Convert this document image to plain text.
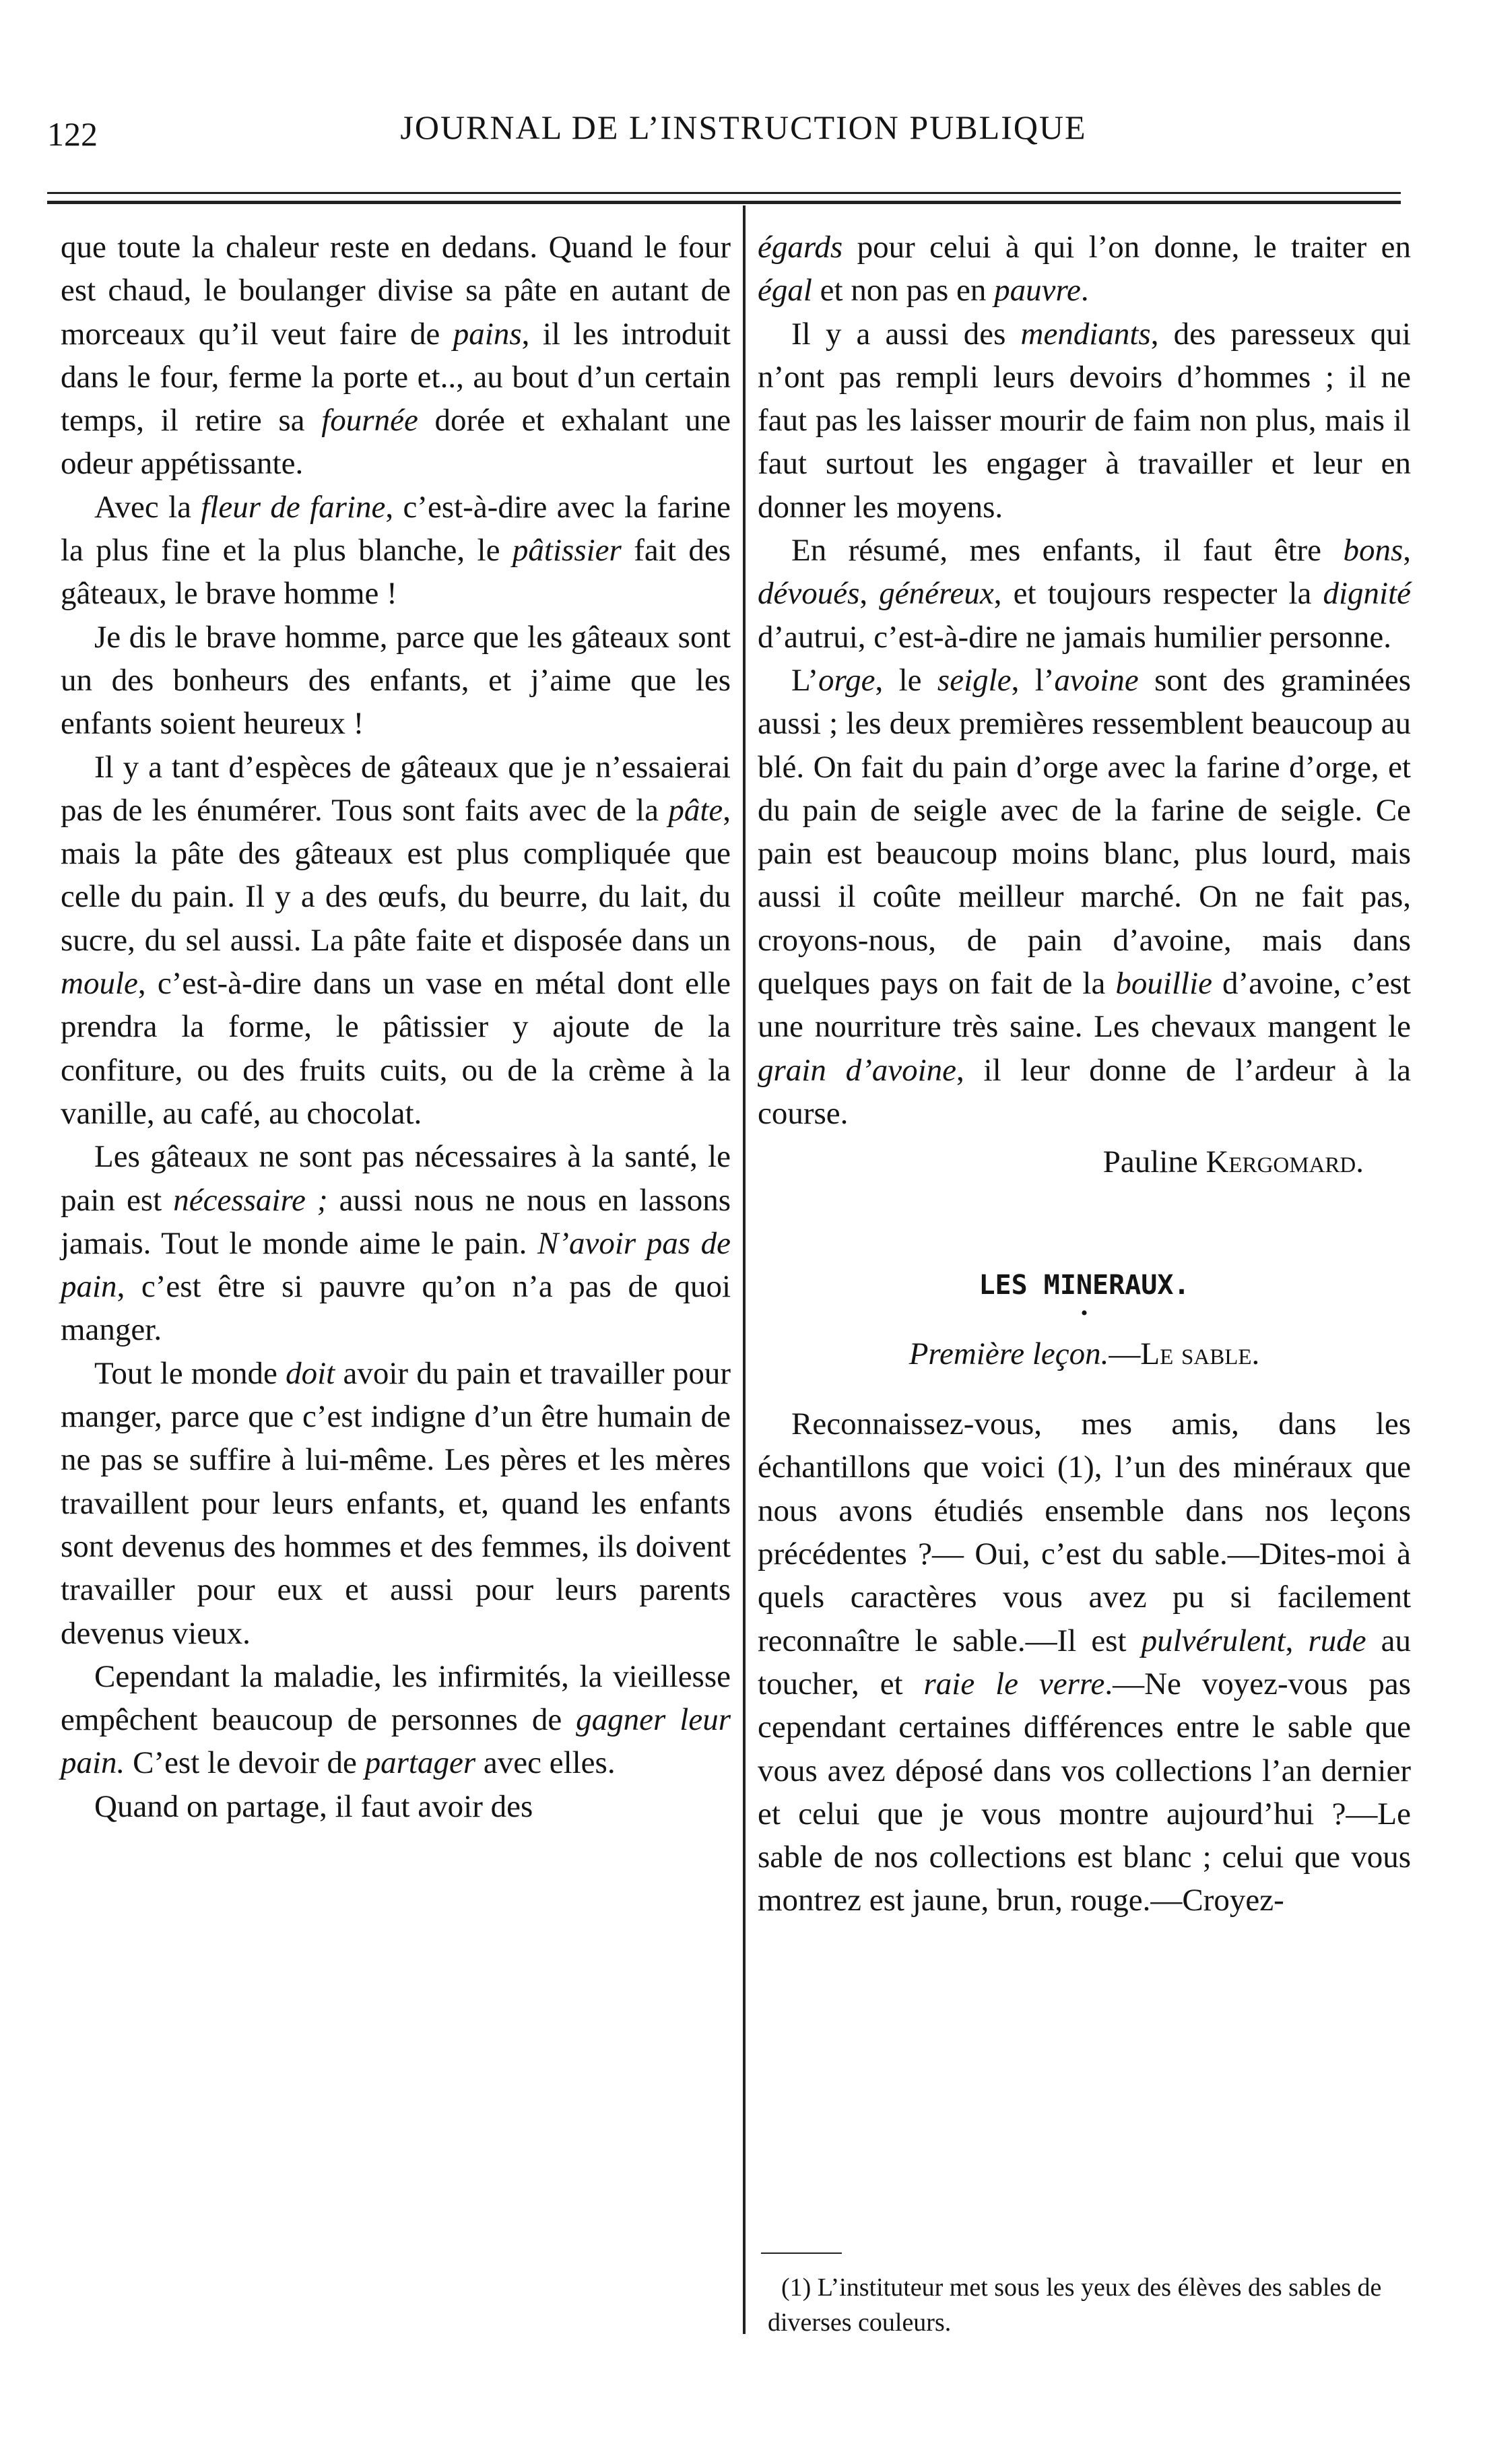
122	JOURNAL DE L’INSTRUCTION PUBLIQUE

que toute la chaleur reste en dedans. Quand le four est chaud, le boulanger divise sa pâte en autant de morceaux qu’il veut faire de pains, il les introduit dans le four, ferme la porte et.., au bout d’un certain temps, il retire sa fournée dorée et exhalant une odeur appétissante.

Avec la fleur de farine, c’est-à-dire avec la farine la plus fine et la plus blanche, le pâtissier fait des gâteaux, le brave homme !

Je dis le brave homme, parce que les gâteaux sont un des bonheurs des enfants, et j’aime que les enfants soient heureux !

Il y a tant d’espèces de gâteaux que je n’essaierai pas de les énumérer. Tous sont faits avec de la pâte, mais la pâte des gâteaux est plus compliquée que celle du pain. Il y a des œufs, du beurre, du lait, du sucre, du sel aussi. La pâte faite et disposée dans un moule, c’est-à-dire dans un vase en métal dont elle prendra la forme, le pâtissier y ajoute de la confiture, ou des fruits cuits, ou de la crème à la vanille, au café, au chocolat.

Les gâteaux ne sont pas nécessaires à la santé, le pain est nécessaire ; aussi nous ne nous en lassons jamais. Tout le monde aime le pain. N’avoir pas de pain, c’est être si pauvre qu’on n’a pas de quoi manger.

Tout le monde doit avoir du pain et travailler pour manger, parce que c’est indigne d’un être humain de ne pas se suffire à lui-même. Les pères et les mères travaillent pour leurs enfants, et, quand les enfants sont devenus des hommes et des femmes, ils doivent travailler pour eux et aussi pour leurs parents devenus vieux.

Cependant la maladie, les infirmités, la vieillesse empêchent beaucoup de personnes de gagner leur pain. C’est le devoir de partager avec elles.

Quand on partage, il faut avoir des

égards pour celui à qui l’on donne, le traiter en égal et non pas en pauvre.

Il y a aussi des mendiants, des paresseux qui n’ont pas rempli leurs devoirs d’hommes ; il ne faut pas les laisser mourir de faim non plus, mais il faut surtout les engager à travailler et leur en donner les moyens.

En résumé, mes enfants, il faut être bons, dévoués, généreux, et toujours respecter la dignité d’autrui, c’est-à-dire ne jamais humilier personne.

L’orge, le seigle, l’avoine sont des graminées aussi ; les deux premières ressemblent beaucoup au blé. On fait du pain d’orge avec la farine d’orge, et du pain de seigle avec de la farine de seigle. Ce pain est beaucoup moins blanc, plus lourd, mais aussi il coûte meilleur marché. On ne fait pas, croyons-nous, de pain d’avoine, mais dans quelques pays on fait de la bouillie d’avoine, c’est une nourriture très saine. Les chevaux mangent le grain d’avoine, il leur donne de l’ardeur à la course.

Pauline Kergomard.

LES MINERAUX.
•
Première leçon.—Le sable.

Reconnaissez-vous, mes amis, dans les échantillons que voici (1), l’un des minéraux que nous avons étudiés ensemble dans nos leçons précédentes ?— Oui, c’est du sable.—Dites-moi à quels caractères vous avez pu si facilement reconnaître le sable.—Il est pulvérulent, rude au toucher, et raie le verre.—Ne voyez-vous pas cependant certaines différences entre le sable que vous avez déposé dans vos collections l’an dernier et celui que je vous montre aujourd’hui ?—Le sable de nos collections est blanc ; celui que vous montrez est jaune, brun, rouge.—Croyez-

(1) L’instituteur met sous les yeux des élèves des sables de diverses couleurs.
